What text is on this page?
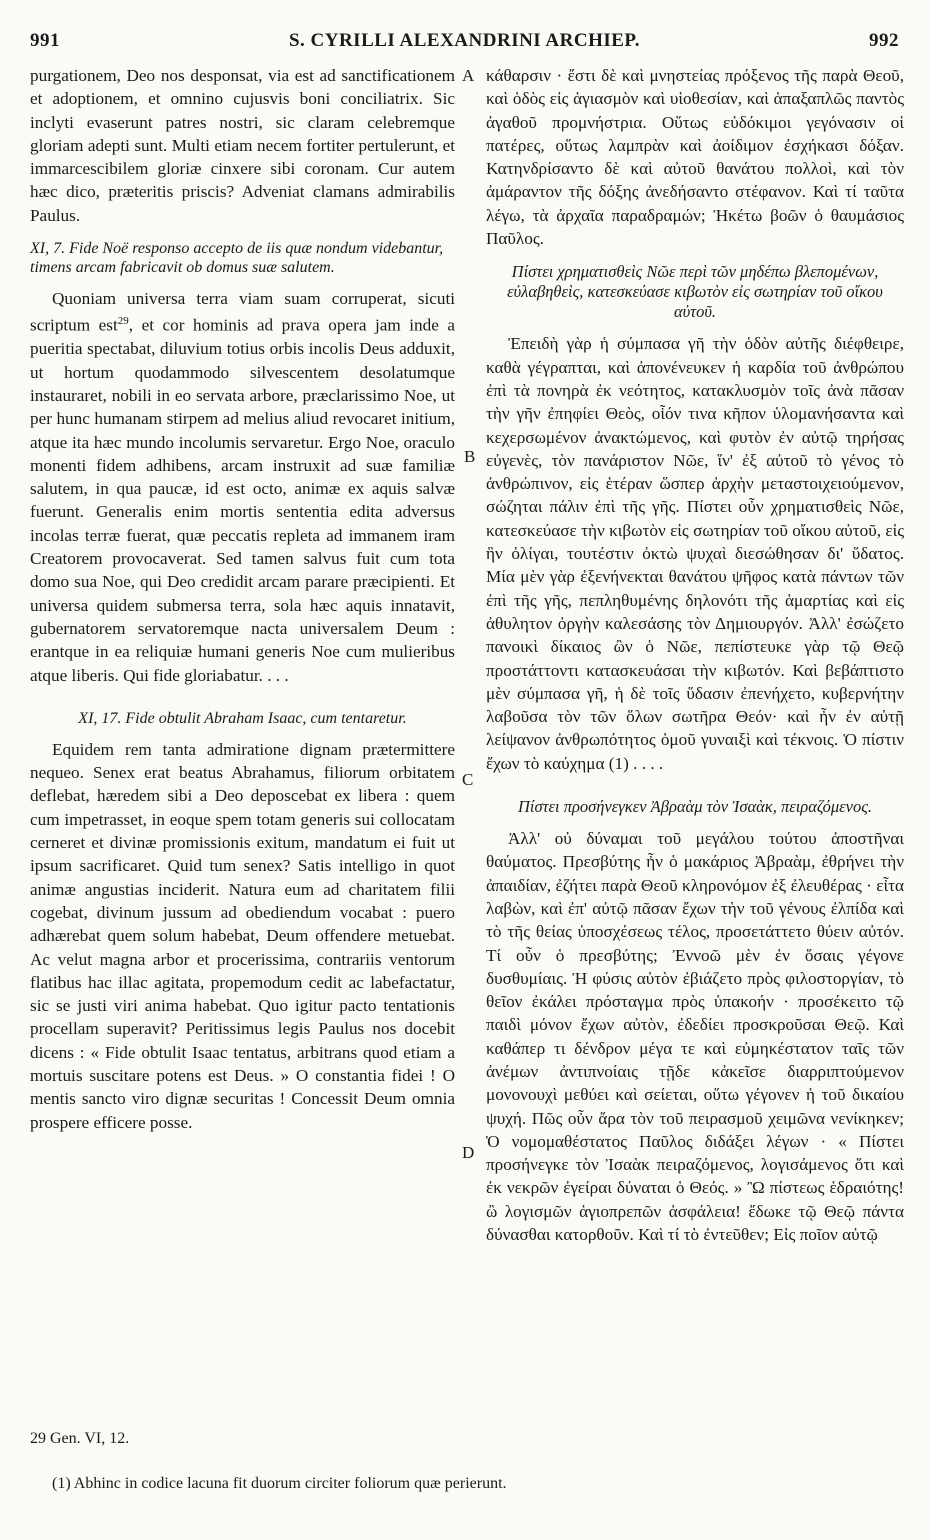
991	S. CYRILLI ALEXANDRINI ARCHIEP.	992
A
B
C
D

purgationem, Deo nos desponsat, via est ad sanctificationem et adoptionem, et omnino cujusvis boni conciliatrix. Sic inclyti evaserunt patres nostri, sic claram celebremque gloriam adepti sunt. Multi etiam necem fortiter pertulerunt, et immarcescibilem gloriæ cinxere sibi coronam. Cur autem hæc dico, præteritis priscis? Adveniat clamans admirabilis Paulus.

XI, 7. Fide Noë responso accepto de iis quæ nondum videbantur, timens arcam fabricavit ob domus suæ salutem.

Quoniam universa terra viam suam corruperat, sicuti scriptum est$^{29}$, et cor hominis ad prava opera jam inde a pueritia spectabat, diluvium totius orbis incolis Deus adduxit, ut hortum quodammodo silvescentem desolatumque instauraret, nobili in eo servata arbore, præclarissimo Noe, ut per hunc humanam stirpem ad melius aliud revocaret initium, atque ita hæc mundo incolumis servaretur. Ergo Noe, oraculo monenti fidem adhibens, arcam instruxit ad suæ familiæ salutem, in qua paucæ, id est octo, animæ ex aquis salvæ fuerunt. Generalis enim mortis sententia edita adversus incolas terræ fuerat, quæ peccatis repleta ad immanem iram Creatorem provocaverat. Sed tamen salvus fuit cum tota domo sua Noe, qui Deo credidit arcam parare præcipienti. Et universa quidem submersa terra, sola hæc aquis innatavit, gubernatorem servatoremque nacta universalem Deum : erantque in ea reliquiæ humani generis Noe cum mulieribus atque liberis. Qui fide gloriabatur. . . .

XI, 17. Fide obtulit Abraham Isaac, cum tentaretur.

Equidem rem tanta admiratione dignam prætermittere nequeo. Senex erat beatus Abrahamus, filiorum orbitatem deflebat, hæredem sibi a Deo deposcebat ex libera : quem cum impetrasset, in eoque spem totam generis sui collocatam cerneret et divinæ promissionis exitum, mandatum ei fuit ut ipsum sacrificaret. Quid tum senex? Satis intelligo in quot animæ angustias inciderit. Natura eum ad charitatem filii cogebat, divinum jussum ad obediendum vocabat : puero adhærebat quem solum habebat, Deum offendere metuebat. Ac velut magna arbor et procerissima, contrariis ventorum flatibus hac illac agitata, propemodum cedit ac labefactatur, sic se justi viri anima habebat. Quo igitur pacto tentationis procellam superavit? Peritissimus legis Paulus nos docebit dicens : « Fide obtulit Isaac tentatus, arbitrans quod etiam a mortuis suscitare potens est Deus. » O constantia fidei ! O mentis sancto viro dignæ securitas ! Concessit Deum omnia prospere efficere posse.

κάθαρσιν · ἔστι δὲ καὶ μνηστείας πρόξενος τῆς παρὰ Θεοῦ, καὶ ὁδὸς εἰς ἁγιασμὸν καὶ υἱοθεσίαν, καὶ ἁπαξαπλῶς παντὸς ἀγαθοῦ προμνήστρια. Οὕτως εὐδόκιμοι γεγόνασιν οἱ πατέρες, οὕτως λαμπρὰν καὶ ἀοίδιμον ἐσχήκασι δόξαν. Κατηνδρίσαντο δὲ καὶ αὐτοῦ θανάτου πολλοὶ, καὶ τὸν ἀμάραντον τῆς δόξης ἀνεδήσαντο στέφανον. Καὶ τί ταῦτα λέγω, τὰ ἀρχαῖα παραδραμών; Ἡκέτω βοῶν ὁ θαυμάσιος Παῦλος.

Πίστει χρηματισθεὶς Νῶε περὶ τῶν μηδέπω βλεπομένων, εὐλαβηθεὶς, κατεσκεύασε κιβωτὸν εἰς σωτηρίαν τοῦ οἴκου αὐτοῦ.

Ἐπειδὴ γὰρ ἡ σύμπασα γῆ τὴν ὁδὸν αὐτῆς διέφθειρε, καθὰ γέγραπται, καὶ ἀπονένευκεν ἡ καρδία τοῦ ἀνθρώπου ἐπὶ τὰ πονηρὰ ἐκ νεότητος, κατακλυσμὸν τοῖς ἀνὰ πᾶσαν τὴν γῆν ἐπηφίει Θεὸς, οἷόν τινα κῆπον ὑλομανήσαντα καὶ κεχερσωμένον ἀνακτώμενος, καὶ φυτὸν ἐν αὐτῷ τηρήσας εὐγενὲς, τὸν πανάριστον Νῶε, ἵν' ἐξ αὐτοῦ τὸ γένος τὸ ἀνθρώπινον, εἰς ἑτέραν ὥσπερ ἀρχὴν μεταστοιχειούμενον, σώζηται πάλιν ἐπὶ τῆς γῆς. Πίστει οὖν χρηματισθεὶς Νῶε, κατεσκεύασε τὴν κιβωτὸν εἰς σωτηρίαν τοῦ οἴκου αὐτοῦ, εἰς ἣν ὀλίγαι, τουτέστιν ὀκτὼ ψυχαὶ διεσώθησαν δι' ὕδατος. Μία μὲν γὰρ ἐξενήνεκται θανάτου ψῆφος κατὰ πάντων τῶν ἐπὶ τῆς γῆς, πεπληθυμένης δηλονότι τῆς ἁμαρτίας καὶ εἰς ἀθυλητον ὀργὴν καλεσάσης τὸν Δημιουργόν. Ἀλλ' ἐσώζετο πανοικὶ δίκαιος ὢν ὁ Νῶε, πεπίστευκε γὰρ τῷ Θεῷ προστάττοντι κατασκευάσαι τὴν κιβωτόν. Καὶ βεβάπτιστο μὲν σύμπασα γῆ, ἡ δὲ τοῖς ὕδασιν ἐπενήχετο, κυβερνήτην λαβοῦσα τὸν τῶν ὅλων σωτῆρα Θεόν· καὶ ἦν ἐν αὐτῇ λείψανον ἀνθρωπότητος ὁμοῦ γυναιξὶ καὶ τέκνοις. Ὁ πίστιν ἔχων τὸ καύχημα (1) . . . .

Πίστει προσήνεγκεν Ἀβραὰμ τὸν Ἰσαὰκ, πειραζόμενος.

Ἀλλ' οὐ δύναμαι τοῦ μεγάλου τούτου ἀποστῆναι θαύματος. Πρεσβύτης ἦν ὁ μακάριος Ἀβραὰμ, ἐθρήνει τὴν ἀπαιδίαν, ἐζήτει παρὰ Θεοῦ κληρονόμον ἐξ ἐλευθέρας · εἶτα λαβὼν, καὶ ἐπ' αὐτῷ πᾶσαν ἔχων τὴν τοῦ γένους ἐλπίδα καὶ τὸ τῆς θείας ὑποσχέσεως τέλος, προσετάττετο θύειν αὐτόν. Τί οὖν ὁ πρεσβύτης; Ἐννοῶ μὲν ἐν ὅσαις γέγονε δυσθυμίαις. Ἡ φύσις αὐτὸν ἐβιάζετο πρὸς φιλοστοργίαν, τὸ θεῖον ἐκάλει πρόσταγμα πρὸς ὑπακοήν · προσέκειτο τῷ παιδὶ μόνον ἔχων αὐτὸν, ἐδεδίει προσκροῦσαι Θεῷ. Καὶ καθάπερ τι δένδρον μέγα τε καὶ εὐμηκέστατον ταῖς τῶν ἀνέμων ἀντιπνοίαις τῇδε κἀκεῖσε διαρριπτούμενον μονονουχὶ μεθύει καὶ σείεται, οὕτω γέγονεν ἡ τοῦ δικαίου ψυχή. Πῶς οὖν ἄρα τὸν τοῦ πειρασμοῦ χειμῶνα νενίκηκεν; Ὁ νομομαθέστατος Παῦλος διδάξει λέγων · « Πίστει προσήνεγκε τὸν Ἰσαὰκ πειραζόμενος, λογισάμενος ὅτι καὶ ἐκ νεκρῶν ἐγείραι δύναται ὁ Θεός. » Ὢ πίστεως ἑδραιότης! ὢ λογισμῶν ἁγιοπρεπῶν ἀσφάλεια! ἔδωκε τῷ Θεῷ πάντα δύνασθαι κατορθοῦν. Καὶ τί τὸ ἐντεῦθεν; Εἰς ποῖον αὐτῷ

29 Gen. VI, 12.
(1) Abhinc in codice lacuna fit duorum circiter foliorum quæ perierunt.
